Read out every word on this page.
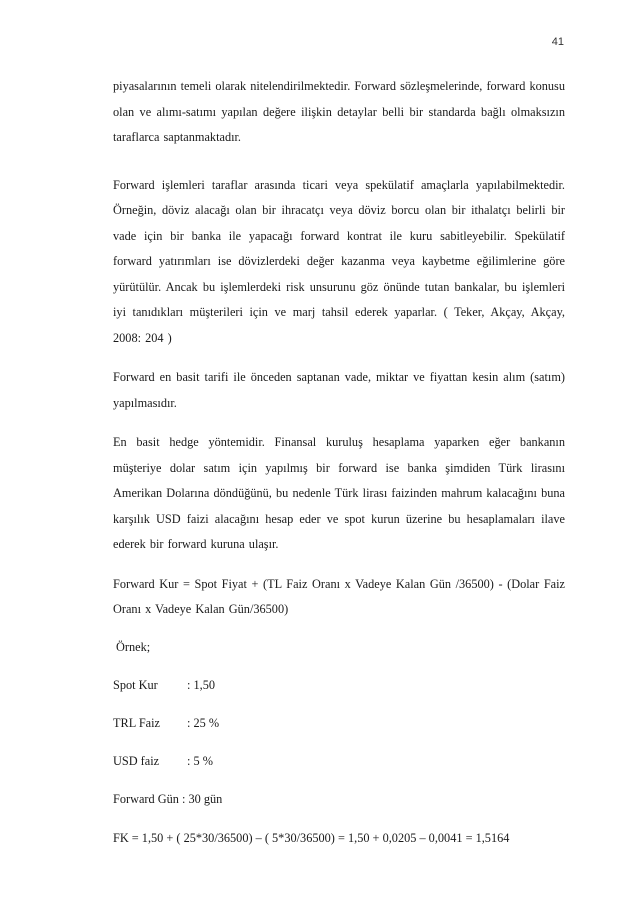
41

piyasalarının temeli olarak nitelendirilmektedir. Forward sözleşmelerinde, forward konusu olan ve alımı-satımı yapılan değere ilişkin detaylar belli bir standarda bağlı olmaksızın taraflarca saptanmaktadır.

Forward işlemleri taraflar arasında ticari veya spekülatif amaçlarla yapılabilmektedir. Örneğin, döviz alacağı olan bir ihracatçı veya döviz borcu olan bir ithalatçı belirli bir vade için bir banka ile yapacağı forward kontrat ile kuru sabitleyebilir. Spekülatif forward yatırımları ise dövizlerdeki değer kazanma veya kaybetme eğilimlerine göre yürütülür. Ancak bu işlemlerdeki risk unsurunu göz önünde tutan bankalar, bu işlemleri iyi tanıdıkları müşterileri için ve marj tahsil ederek yaparlar. ( Teker, Akçay, Akçay, 2008: 204 )

Forward en basit tarifi ile önceden saptanan vade, miktar ve fiyattan kesin alım (satım) yapılmasıdır.

En basit hedge yöntemidir. Finansal kuruluş hesaplama yaparken eğer bankanın müşteriye dolar satım için yapılmış bir forward ise banka şimdiden Türk lirasını Amerikan Dolarına döndüğünü, bu nedenle Türk lirası faizinden mahrum kalacağını buna karşılık USD faizi alacağını hesap eder ve spot kurun üzerine bu hesaplamaları ilave ederek bir forward kuruna ulaşır.

Forward Kur = Spot Fiyat + (TL Faiz Oranı x Vadeye Kalan Gün /36500) - (Dolar Faiz Oranı x Vadeye Kalan Gün/36500)

Örnek;
Spot Kur	: 1,50
TRL Faiz	: 25 %
USD faiz	: 5 %
Forward Gün : 30 gün
FK = 1,50 + ( 25*30/36500) – ( 5*30/36500) = 1,50 + 0,0205 – 0,0041 = 1,5164
